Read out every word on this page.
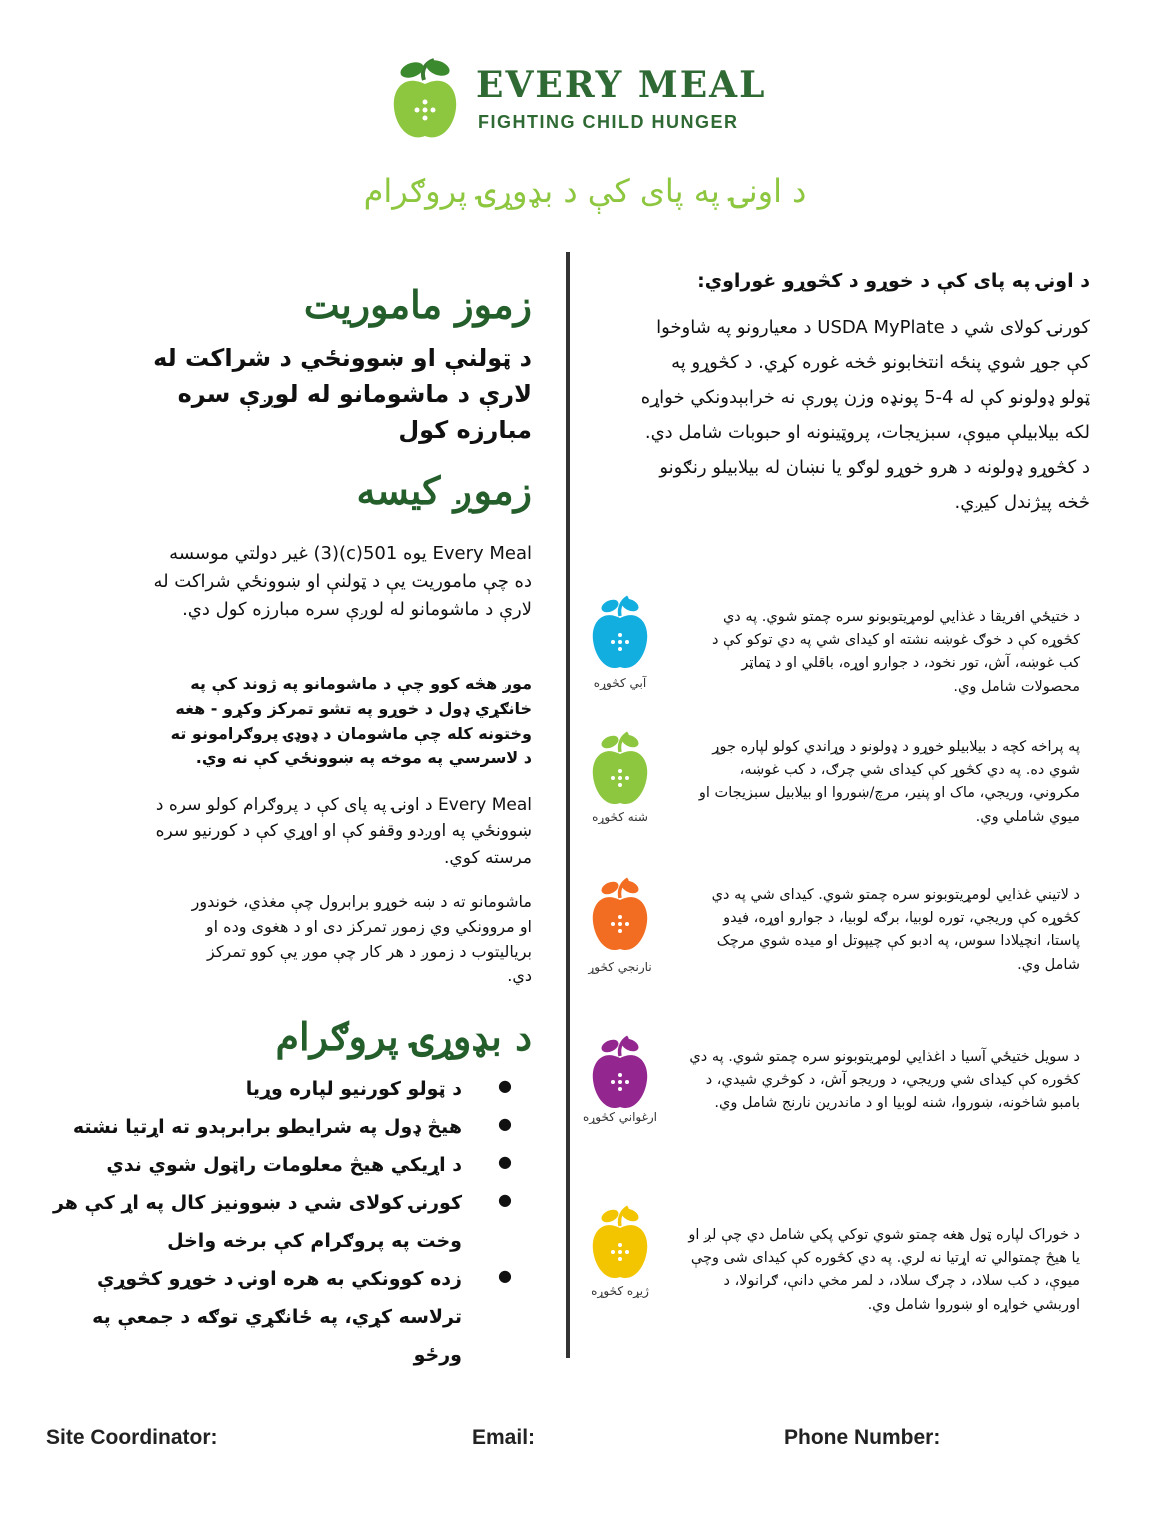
EVERY MEAL
FIGHTING CHILD HUNGER
د اونۍ په پای کې د بډوړۍ پروګرام
زموز ماموریت
د ټولنې او ښوونځي د شراکت له لارې د ماشومانو له لوږې سره مبارزه کول
زموږ کیسه
Every Meal يوه 501(c)(3) غير دولتي موسسه ده چې ماموريت يې د ټولنې او ښوونځي شراکت له لارې د ماشومانو له لوږې سره مبارزه کول دي.
موږ هڅه کوو چې د ماشومانو په ژوند کې په خانګړي ډول د خوړو په تشو تمرکز وکړو - هغه وختونه کله چې ماشومان د ډوډۍ پروګرامونو ته د لاسرسي په موخه په ښوونځي کې نه وي.
Every Meal د اونۍ په پای کې د پروګرام کولو سره د ښوونځي په اوږدو وقفو کې او اوړي کې د کورنيو سره مرسته کوي.
ماشومانو ته د ښه خوړو برابرول چې مغذي، خوندور او مروونکي وي زموږ تمرکز دی او د هغوی وده او بریالیتوب د زموږ د هر کار چې موږ يې کوو تمرکز دي.
د بډوړۍ پروګرام
● د ټولو کورنيو لپاره وړيا
● هيڅ ډول په شرايطو برابرېدو ته اړتيا نشته
● د اړيکي هيڅ معلومات راټول شوي ندي
● کورنۍ کولای شي د ښوونیز کال په اړ کې هر وخت په پروګرام کې برخه واخل
● زده کوونکي به هره اونۍ د خوړو کڅوړې ترلاسه کړي، په ځانګړي توګه د جمعې په ورځو
د اونۍ په پای کې د خوړو د کڅوړو غوراوي:
کورنۍ کولای شي د USDA MyPlate د معیارونو په شاوخوا کې جوړ شوي پنځه انتخابونو څخه غوره کړي. د کڅوړو په ټولو ډولونو کې له 4-5 پونډه وزن پورې نه خرابېدونکي خواړه لکه بیلابیلې میوې، سبزیجات، پروټینونه او حبوبات شامل دي. د کڅوړو ډولونه د هرو خوړو لوګو یا نښان له بیلابیلو رنګونو څخه پیژندل کیږي.
آبي کڅوړه
د ختیځي افریقا د غذایي لومړیتوبونو سره چمتو شوي. په دي کڅوړه کې د خوګ غوښه نشته او کیدای شي په دي توکو کې د کب غوښه، آش، تور نخود، د جوارو اوړه، باقلي او د ټماټر محصولات شامل وي.
شنه کڅوړه
په پراخه کچه د بیلابیلو خوړو د ډولونو د وړاندي کولو لپاره جوړ شوي ده. په دي کڅوړ کې کیدای شي چرګ، د کب غوښه، مکروني، وریجي، ماک او پنیر، مرچ/ښوروا او بیلابیل سبزیجات او میوي شاملي وي.
نارنجي کڅوړ
د لاتیني غذايي لومړیتوبونو سره چمتو شوي. کیدای شي په دي کڅوړه کې وریجي، توره لوبیا، برګه لوبیا، د جوارو اوړه، فیدو پاستا، انچیلادا سوس، په ادبو کې چیپوتل او میده شوي مرچک شامل وي.
ارغواني کڅوړه
د سویل ختیځي آسیا د اغذايي لومړیتوبونو سره چمتو شوي. په دي کڅوره کې کیدای شي وریجي، د وریجو آش، د کوڅري شیدي، د بامبو شاخونه، ښوروا، شنه لوبیا او د ماندرین نارنج شامل وي.
ژیړه کڅوړه
د خوراک لپاره ټول هغه چمتو شوي توکي پکي شامل دي چې لږ او یا هیڅ چمتوالي ته اړتیا نه لري. په دي کڅوره کې کیدای شی وچې میوې، د کب سلاد، د چرګ سلاد، د لمر مخي دانې، ګرانولا، د اوربشي خواړه او ښوروا شامل وي.
Site Coordinator:	Email:	Phone Number:
